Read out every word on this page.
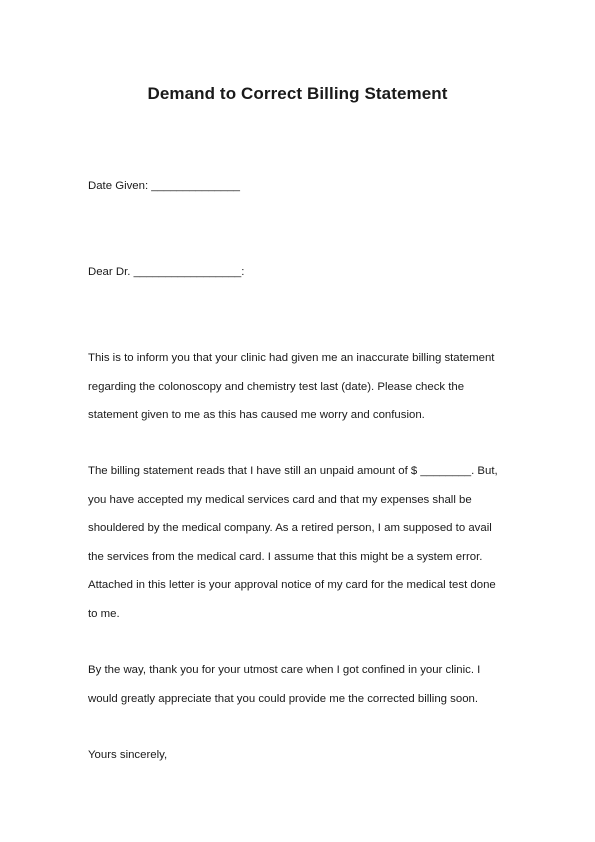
Demand to Correct Billing Statement
Date Given: ______________
Dear Dr. _________________:
This is to inform you that your clinic had given me an inaccurate billing statement
regarding the colonoscopy and chemistry test last (date). Please check the
statement given to me as this has caused me worry and confusion.
The billing statement reads that I have still an unpaid amount of $ ________. But,
you have accepted my medical services card and that my expenses shall be
shouldered by the medical company. As a retired person, I am supposed to avail
the services from the medical card. I assume that this might be a system error.
Attached in this letter is your approval notice of my card for the medical test done
to me.
By the way, thank you for your utmost care when I got confined in your clinic. I
would greatly appreciate that you could provide me the corrected billing soon.
Yours sincerely,
